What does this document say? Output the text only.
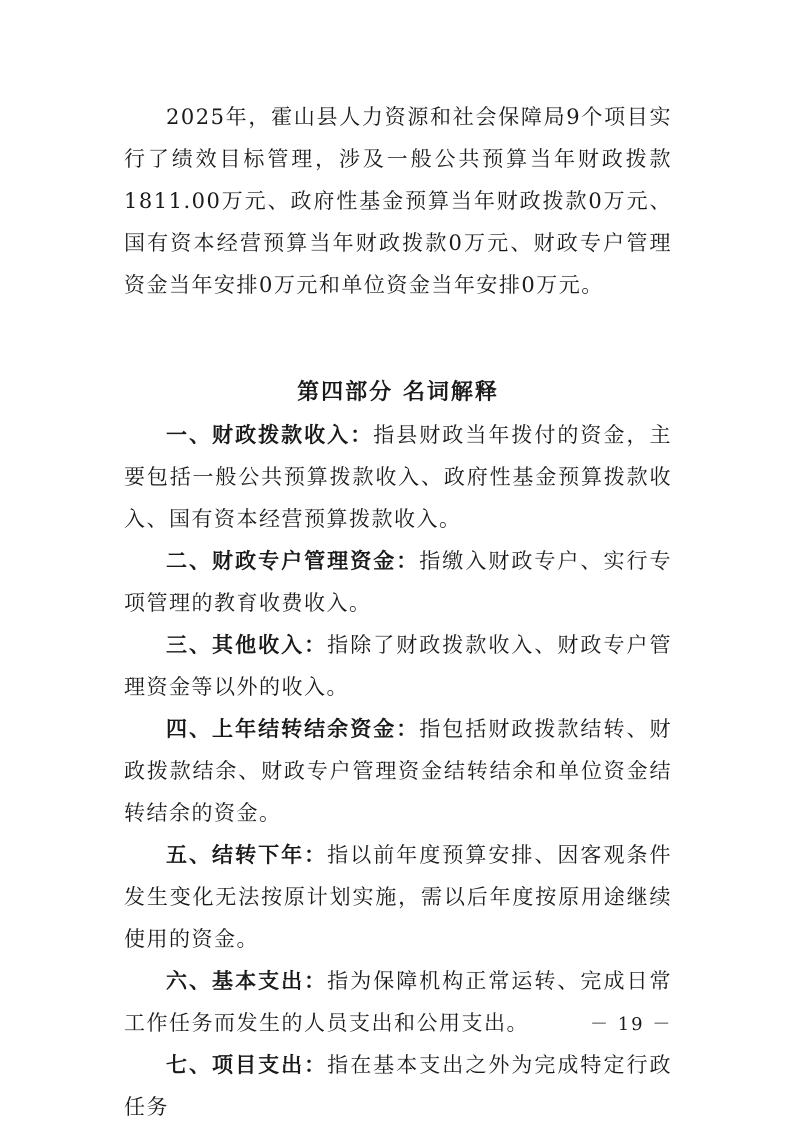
2025年，霍山县人力资源和社会保障局9个项目实行了绩效目标管理，涉及一般公共预算当年财政拨款1811.00万元、政府性基金预算当年财政拨款0万元、国有资本经营预算当年财政拨款0万元、财政专户管理资金当年安排0万元和单位资金当年安排0万元。

第四部分 名词解释

一、财政拨款收入：指县财政当年拨付的资金，主要包括一般公共预算拨款收入、政府性基金预算拨款收入、国有资本经营预算拨款收入。

二、财政专户管理资金：指缴入财政专户、实行专项管理的教育收费收入。

三、其他收入：指除了财政拨款收入、财政专户管理资金等以外的收入。

四、上年结转结余资金：指包括财政拨款结转、财政拨款结余、财政专户管理资金结转结余和单位资金结转结余的资金。

五、结转下年：指以前年度预算安排、因客观条件发生变化无法按原计划实施，需以后年度按原用途继续使用的资金。

六、基本支出：指为保障机构正常运转、完成日常工作任务而发生的人员支出和公用支出。

七、项目支出：指在基本支出之外为完成特定行政任务

－ 19 －
